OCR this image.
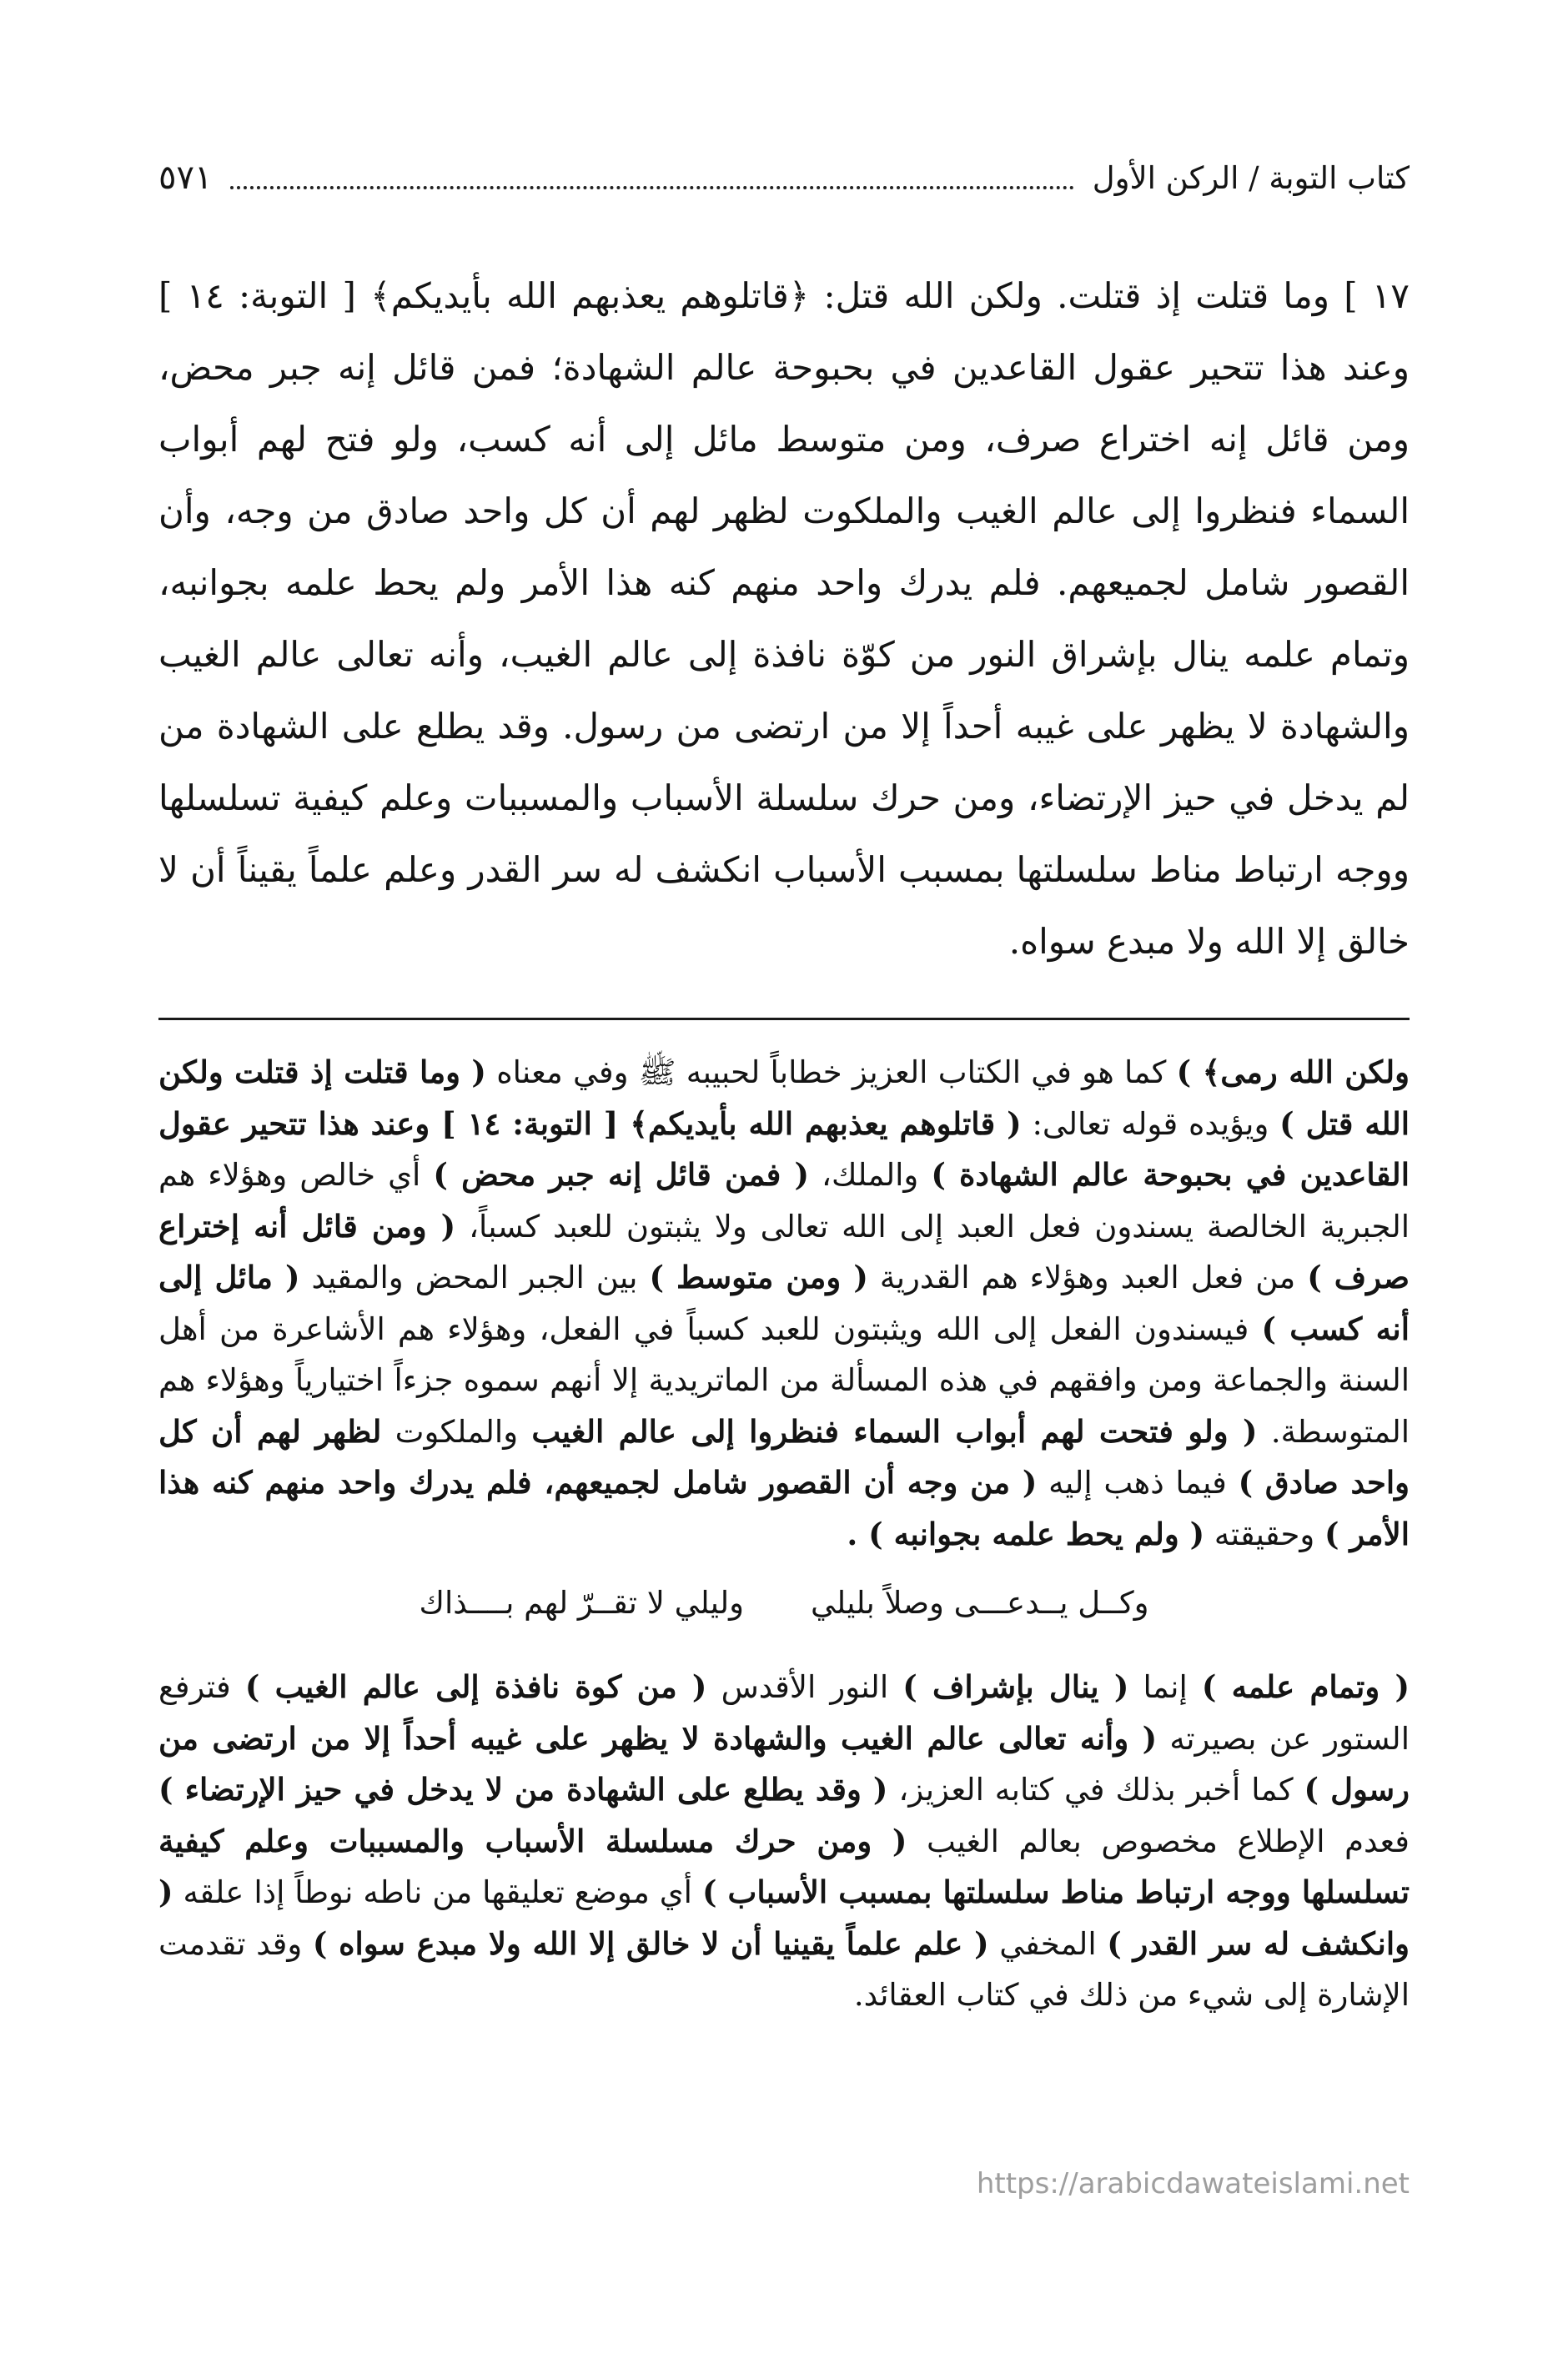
كتاب التوبة / الركن الأول
٥٧١
١٧ ] وما قتلت إذ قتلت. ولكن الله قتل: ﴿قاتلوهم يعذبهم الله بأيديكم﴾ [ التوبة: ١٤ ] وعند هذا تتحير عقول القاعدين في بحبوحة عالم الشهادة؛ فمن قائل إنه جبر محض، ومن قائل إنه اختراع صرف، ومن متوسط مائل إلى أنه كسب، ولو فتح لهم أبواب السماء فنظروا إلى عالم الغيب والملكوت لظهر لهم أن كل واحد صادق من وجه، وأن القصور شامل لجميعهم. فلم يدرك واحد منهم كنه هذا الأمر ولم يحط علمه بجوانبه، وتمام علمه ينال بإشراق النور من كوّة نافذة إلى عالم الغيب، وأنه تعالى عالم الغيب والشهادة لا يظهر على غيبه أحداً إلا من ارتضى من رسول. وقد يطلع على الشهادة من لم يدخل في حيز الإرتضاء، ومن حرك سلسلة الأسباب والمسببات وعلم كيفية تسلسلها ووجه ارتباط مناط سلسلتها بمسبب الأسباب انكشف له سر القدر وعلم علماً يقيناً أن لا خالق إلا الله ولا مبدع سواه.

ولكن الله رمى﴾ ) كما هو في الكتاب العزيز خطاباً لحبيبه ﷺ وفي معناه ( وما قتلت إذ قتلت ولكن الله قتل ) ويؤيده قوله تعالى: ( قاتلوهم يعذبهم الله بأيديكم﴾ [ التوبة: ١٤ ] وعند هذا تتحير عقول القاعدين في بحبوحة عالم الشهادة ) والملك، ( فمن قائل إنه جبر محض ) أي خالص وهؤلاء هم الجبرية الخالصة يسندون فعل العبد إلى الله تعالى ولا يثبتون للعبد كسباً، ( ومن قائل أنه إختراع صرف ) من فعل العبد وهؤلاء هم القدرية ( ومن متوسط ) بين الجبر المحض والمقيد ( مائل إلى أنه كسب ) فيسندون الفعل إلى الله ويثبتون للعبد كسباً في الفعل، وهؤلاء هم الأشاعرة من أهل السنة والجماعة ومن وافقهم في هذه المسألة من الماتريدية إلا أنهم سموه جزءاً اختيارياً وهؤلاء هم المتوسطة. ( ولو فتحت لهم أبواب السماء فنظروا إلى عالم الغيب والملكوت لظهر لهم أن كل واحد صادق ) فيما ذهب إليه ( من وجه أن القصور شامل لجميعهم، فلم يدرك واحد منهم كنه هذا الأمر ) وحقيقته ( ولم يحط علمه بجوانبه ) .

وكــل يــدعـــى وصلاً بليلي
وليلي لا تقــرّ لهم بــــذاك

( وتمام علمه ) إنما ( ينال بإشراف ) النور الأقدس ( من كوة نافذة إلى عالم الغيب ) فترفع الستور عن بصيرته ( وأنه تعالى عالم الغيب والشهادة لا يظهر على غيبه أحداً إلا من ارتضى من رسول ) كما أخبر بذلك في كتابه العزيز، ( وقد يطلع على الشهادة من لا يدخل في حيز الإرتضاء ) فعدم الإطلاع مخصوص بعالم الغيب ( ومن حرك مسلسلة الأسباب والمسببات وعلم كيفية تسلسلها ووجه ارتباط مناط سلسلتها بمسبب الأسباب ) أي موضع تعليقها من ناطه نوطاً إذا علقه ( وانكشف له سر القدر ) المخفي ( علم علماً يقينيا أن لا خالق إلا الله ولا مبدع سواه ) وقد تقدمت الإشارة إلى شيء من ذلك في كتاب العقائد.

https://arabicdawateislami.net
